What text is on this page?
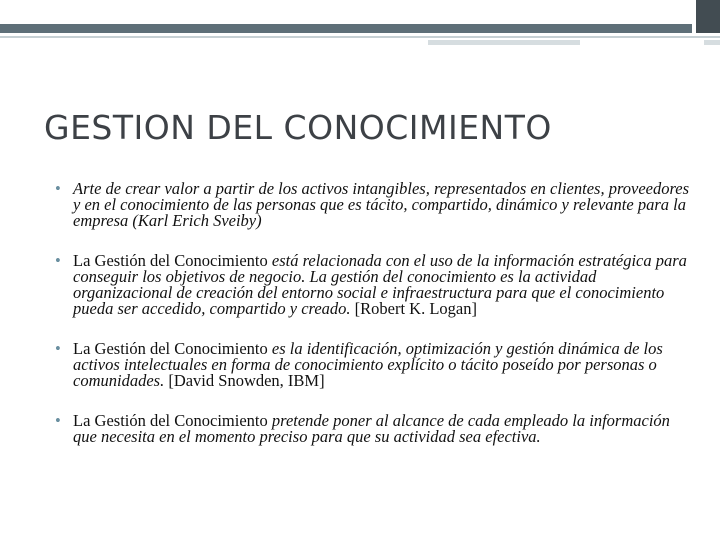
GESTION DEL CONOCIMIENTO
• Arte de crear valor a partir de los activos intangibles, representados en clientes, proveedores y en el conocimiento de las personas que es tácito, compartido, dinámico y relevante para la empresa (Karl Erich Sveiby)
• La Gestión del Conocimiento está relacionada con el uso de la información estratégica para conseguir los objetivos de negocio. La gestión del conocimiento es la actividad organizacional de creación del entorno social e infraestructura para que el conocimiento pueda ser accedido, compartido y creado. [Robert K. Logan]
• La Gestión del Conocimiento es la identificación, optimización y gestión dinámica de los activos intelectuales en forma de conocimiento explícito o tácito poseído por personas o comunidades. [David Snowden, IBM]
• La Gestión del Conocimiento pretende poner al alcance de cada empleado la información que necesita en el momento preciso para que su actividad sea efectiva.
